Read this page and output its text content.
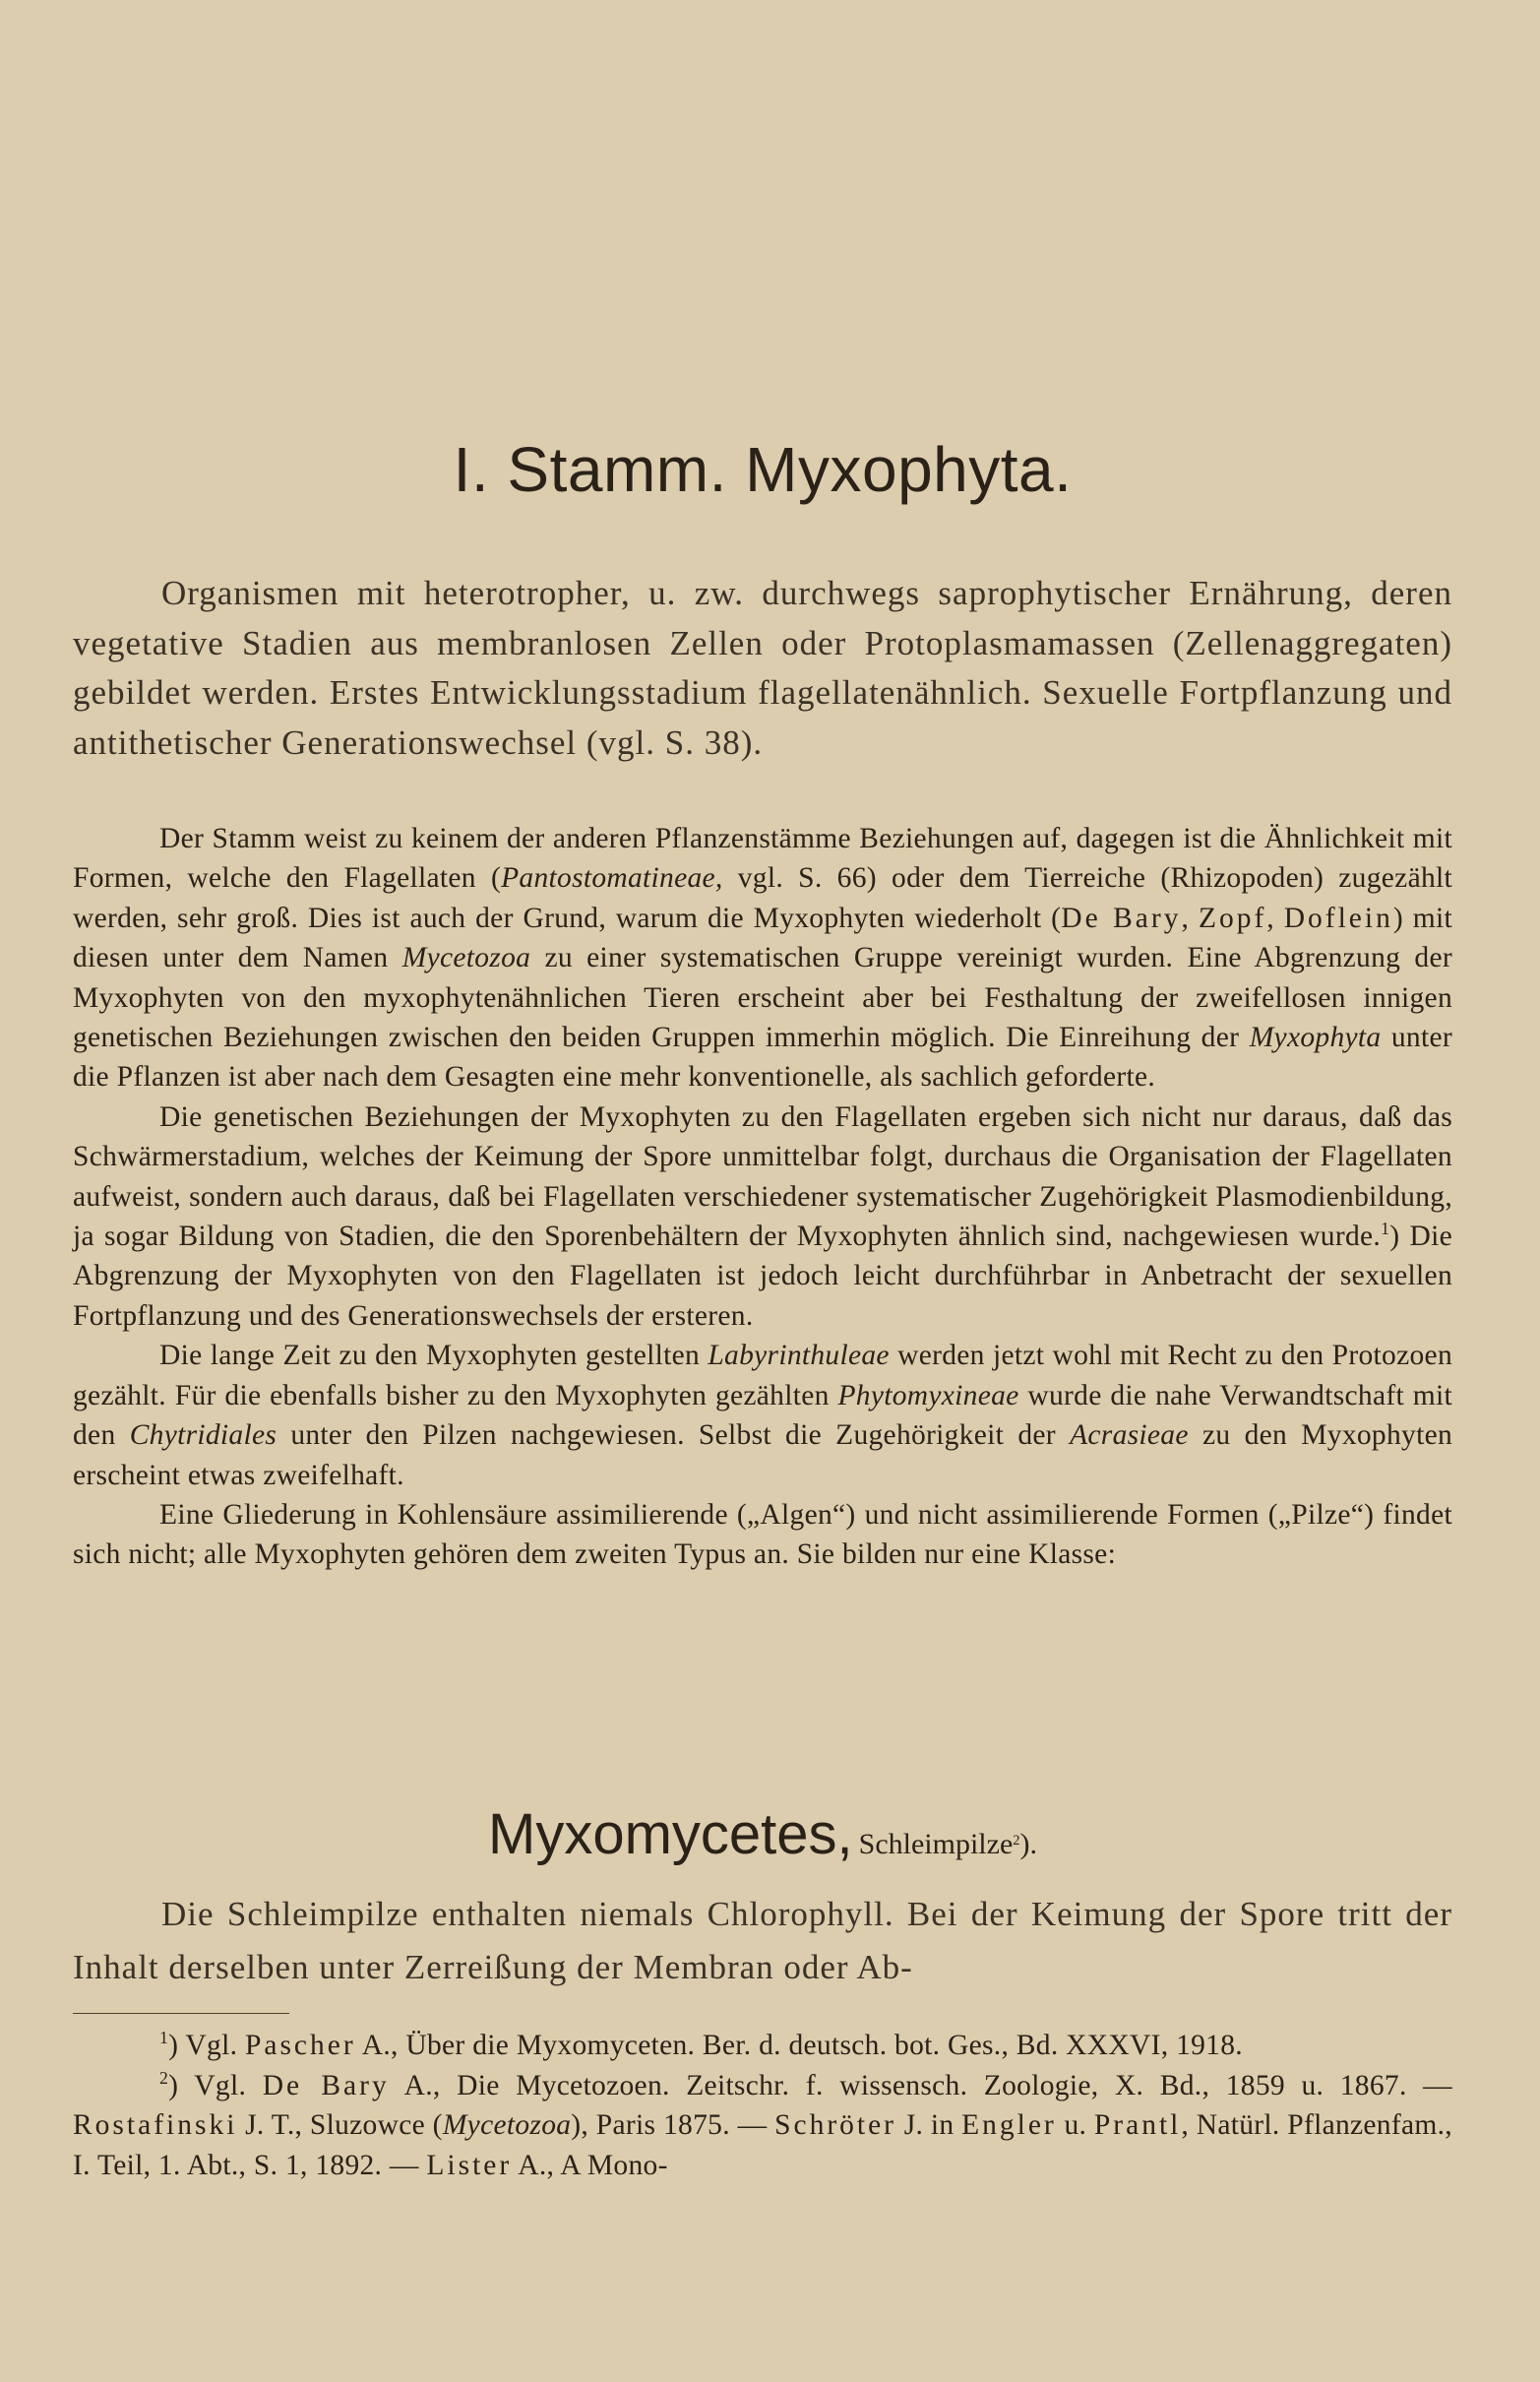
I. Stamm. Myxophyta.

Organismen mit heterotropher, u. zw. durchwegs saprophytischer Ernährung, deren vegetative Stadien aus membranlosen Zellen oder Protoplasmamassen (Zellenaggregaten) gebildet werden. Erstes Entwicklungsstadium flagellatenähnlich. Sexuelle Fortpflanzung und antithetischer Generationswechsel (vgl. S. 38).

Der Stamm weist zu keinem der anderen Pflanzenstämme Beziehungen auf, dagegen ist die Ähnlichkeit mit Formen, welche den Flagellaten (Pantostomatineae, vgl. S. 66) oder dem Tierreiche (Rhizopoden) zugezählt werden, sehr groß. Dies ist auch der Grund, warum die Myxophyten wiederholt (De Bary, Zopf, Doflein) mit diesen unter dem Namen Mycetozoa zu einer systematischen Gruppe vereinigt wurden. Eine Abgrenzung der Myxophyten von den myxophytenähnlichen Tieren erscheint aber bei Festhaltung der zweifellosen innigen genetischen Beziehungen zwischen den beiden Gruppen immerhin möglich. Die Einreihung der Myxophyta unter die Pflanzen ist aber nach dem Gesagten eine mehr konventionelle, als sachlich geforderte.

Die genetischen Beziehungen der Myxophyten zu den Flagellaten ergeben sich nicht nur daraus, daß das Schwärmerstadium, welches der Keimung der Spore unmittelbar folgt, durchaus die Organisation der Flagellaten aufweist, sondern auch daraus, daß bei Flagellaten verschiedener systematischer Zugehörigkeit Plasmodienbildung, ja sogar Bildung von Stadien, die den Sporenbehältern der Myxophyten ähnlich sind, nachgewiesen wurde.$^1$) Die Abgrenzung der Myxophyten von den Flagellaten ist jedoch leicht durchführbar in Anbetracht der sexuellen Fortpflanzung und des Generationswechsels der ersteren.

Die lange Zeit zu den Myxophyten gestellten Labyrinthuleae werden jetzt wohl mit Recht zu den Protozoen gezählt. Für die ebenfalls bisher zu den Myxophyten gezählten Phytomyxineae wurde die nahe Verwandtschaft mit den Chytridiales unter den Pilzen nachgewiesen. Selbst die Zugehörigkeit der Acrasieae zu den Myxophyten erscheint etwas zweifelhaft.

Eine Gliederung in Kohlensäure assimilierende („Algen“) und nicht assimilierende Formen („Pilze“) findet sich nicht; alle Myxophyten gehören dem zweiten Typus an. Sie bilden nur eine Klasse:

Myxomycetes, Schleimpilze$^2$).

Die Schleimpilze enthalten niemals Chlorophyll. Bei der Keimung der Spore tritt der Inhalt derselben unter Zerreißung der Membran oder Ab-

$^1$) Vgl. Pascher A., Über die Myxomyceten. Ber. d. deutsch. bot. Ges., Bd. XXXVI, 1918.

$^2$) Vgl. De Bary A., Die Mycetozoen. Zeitschr. f. wissensch. Zoologie, X. Bd., 1859 u. 1867. — Rostafinski J. T., Sluzowce (Mycetozoa), Paris 1875. — Schröter J. in Engler u. Prantl, Natürl. Pflanzenfam., I. Teil, 1. Abt., S. 1, 1892. — Lister A., A Mono-
